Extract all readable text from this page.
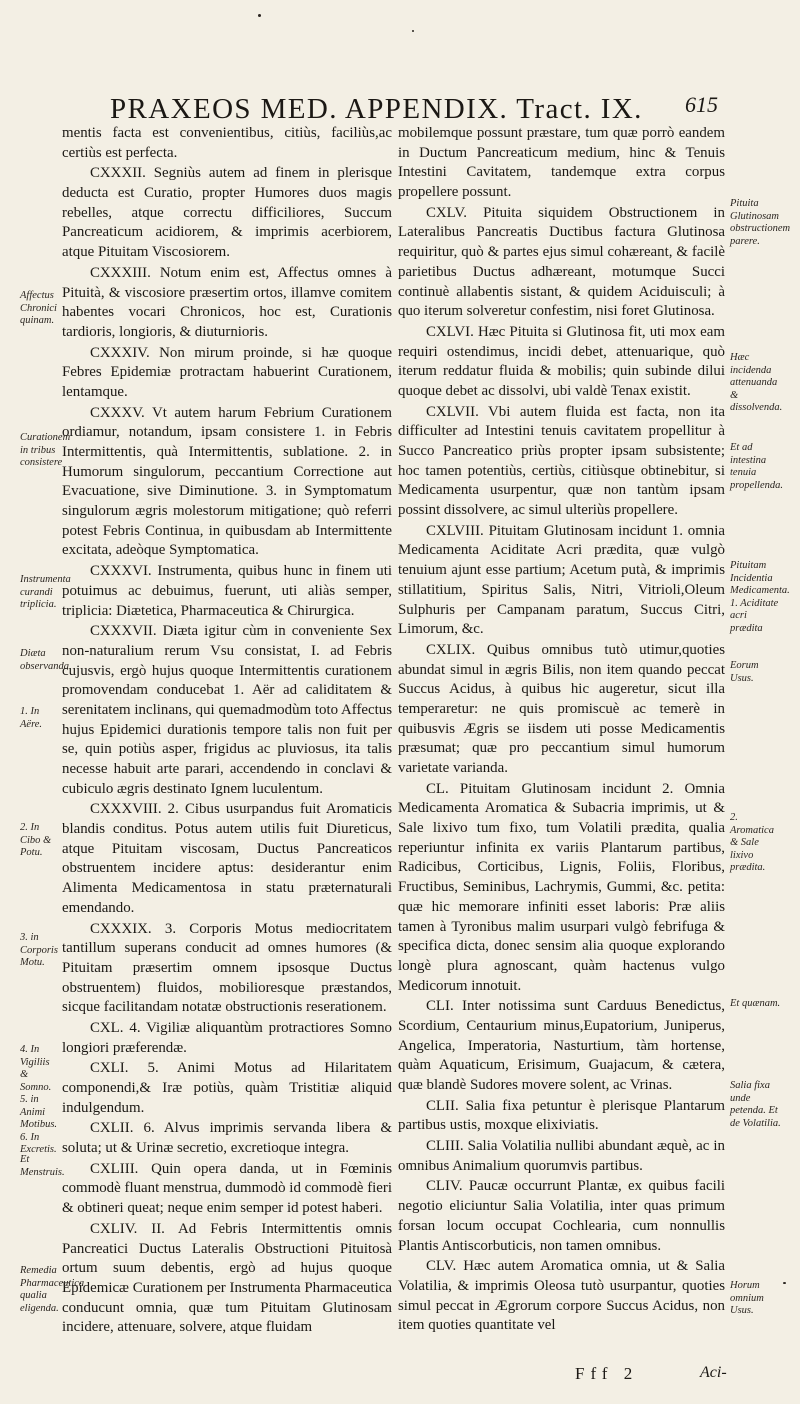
PRAXEOS MED. APPENDIX. Tract. IX. 615

mentis facta est convenientibus, citiùs, faciliùs,ac certiùs est perfecta.

CXXXII. Segniùs autem ad finem in plerisque deducta est Curatio, propter Humores duos magis rebelles, atque correctu difficiliores, Succum Pancreaticum acidiorem, & imprimis acerbiorem, atque Pituitam Viscosiorem.

CXXXIII. Notum enim est, Affectus omnes à Pituità, & viscosiore præsertim ortos, illamve comitem habentes vocari Chronicos, hoc est, Curationis tardioris, longioris, & diuturnioris.

CXXXIV. Non mirum proinde, si hæ quoque Febres Epidemiæ protractam habuerint Curationem, lentamque.

CXXXV. Vt autem harum Febrium Curationem ordiamur, notandum, ipsam consistere 1. in Febris Intermittentis, quà Intermittentis, sublatione. 2. in Humorum singulorum, peccantium Correctione aut Evacuatione, sive Diminutione. 3. in Symptomatum singulorum ægris molestorum mitigatione; quò referri potest Febris Continua, in quibusdam ab Intermittente excitata, adeòque Symptomatica.

CXXXVI. Instrumenta, quibus hunc in finem uti potuimus ac debuimus, fuerunt, uti aliàs semper, triplicia: Diætetica, Pharmaceutica & Chirurgica.

CXXXVII. Diæta igitur cùm in conveniente Sex non-naturalium rerum Vsu consistat, I. ad Febris cujusvis, ergò hujus quoque Intermittentis curationem promovendam conducebat 1. Aër ad caliditatem & serenitatem inclinans, qui quemadmodùm toto Affectus hujus Epidemici durationis tempore talis non fuit per se, quin potiùs asper, frigidus ac pluviosus, ita talis necesse habuit arte parari, accendendo in conclavi & cubiculo ægris destinato Ignem luculentum.

CXXXVIII. 2. Cibus usurpandus fuit Aromaticis blandis conditus. Potus autem utilis fuit Diureticus, atque Pituitam viscosam, Ductus Pancreaticos obstruentem incidere aptus: desiderantur enim Alimenta Medicamentosa in statu præternaturali emendando.

CXXXIX. 3. Corporis Motus mediocritatem tantillum superans conducit ad omnes humores (& Pituitam præsertim omnem ipsosque Ductus obstruentem) fluidos, mobilioresque præstandos, sicque facilitandam notatæ obstructionis reserationem.

CXL. 4. Vigiliæ aliquantùm protractiores Somno longiori præferendæ.

CXLI. 5. Animi Motus ad Hilaritatem componendi,& Iræ potiùs, quàm Tristitiæ aliquid indulgendum.

CXLII. 6. Alvus imprimis servanda libera & soluta; ut & Urinæ secretio, excretioque integra.

CXLIII. Quin opera danda, ut in Fœminis commodè fluant menstrua, dummodò id commodè fieri & obtineri queat; neque enim semper id potest haberi.

CXLIV. II. Ad Febris Intermittentis omnis Pancreatici Ductus Lateralis Obstructioni Pituitosà ortum suum debentis, ergò ad hujus quoque Epidemicæ Curationem per Instrumenta Pharmaceutica conducunt omnia, quæ tum Pituitam Glutinosam incidere, attenuare, solvere, atque fluidam

mobilemque possunt præstare, tum quæ porrò eandem in Ductum Pancreaticum medium, hinc & Tenuis Intestini Cavitatem, tandemque extra corpus propellere possunt.

CXLV. Pituita siquidem Obstructionem in Lateralibus Pancreatis Ductibus factura Glutinosa requiritur, quò & partes ejus simul cohæreant, & facilè parietibus Ductus adhæreant, motumque Succi continuè allabentis sistant, & quidem Aciduisculi; à quo iterum solveretur confestim, nisi foret Glutinosa.

CXLVI. Hæc Pituita si Glutinosa fit, uti mox eam requiri ostendimus, incidi debet, attenuarique, quò iterum reddatur fluida & mobilis; quin subinde dilui quoque debet ac dissolvi, ubi valdè Tenax existit.

CXLVII. Vbi autem fluida est facta, non ita difficulter ad Intestini tenuis cavitatem propellitur à Succo Pancreatico priùs propter ipsam subsistente; hoc tamen potentiùs, certiùs, citiùsque obtinebitur, si Medicamenta usurpentur, quæ non tantùm ipsam possint dissolvere, ac simul ulteriùs propellere.

CXLVIII. Pituitam Glutinosam incidunt 1. omnia Medicamenta Aciditate Acri prædita, quæ vulgò tenuium ajunt esse partium; Acetum putà, & imprimis stillatitium, Spiritus Salis, Nitri, Vitrioli,Oleum Sulphuris per Campanam paratum, Succus Citri, Limorum, &c.

CXLIX. Quibus omnibus tutò utimur,quoties abundat simul in ægris Bilis, non item quando peccat Succus Acidus, à quibus hic augeretur, sicut illa temperaretur: ne quis promiscuè ac temerè in quibusvis Ægris se iisdem uti posse Medicamentis præsumat; quæ pro peccantium simul humorum varietate varianda.

CL. Pituitam Glutinosam incidunt 2. Omnia Medicamenta Aromatica & Subacria imprimis, ut & Sale lixivo tum fixo, tum Volatili prædita, qualia reperiuntur infinita ex variis Plantarum partibus, Radicibus, Corticibus, Lignis, Foliis, Floribus, Fructibus, Seminibus, Lachrymis, Gummi, &c. petita: quæ hic memorare infiniti esset laboris: Præ aliis tamen à Tyronibus malim usurpari vulgò febrifuga & specifica dicta, donec sensim alia quoque explorando longè plura agnoscant, quàm hactenus vulgo Medicorum innotuit.

CLI. Inter notissima sunt Carduus Benedictus, Scordium, Centaurium minus,Eupatorium, Juniperus, Angelica, Imperatoria, Nasturtium, tàm hortense, quàm Aquaticum, Erisimum, Guajacum, & cætera, quæ blandè Sudores movere solent, ac Vrinas.

CLII. Salia fixa petuntur è plerisque Plantarum partibus ustis, moxque elixiviatis.

CLIII. Salia Volatilia nullibi abundant æquè, ac in omnibus Animalium quorumvis partibus.

CLIV. Paucæ occurrunt Plantæ, ex quibus facili negotio eliciuntur Salia Volatilia, inter quas primum forsan locum occupat Cochlearia, cum nonnullis Plantis Antiscorbuticis, non tamen omnibus.

CLV. Hæc autem Aromatica omnia, ut & Salia Volatilia, & imprimis Oleosa tutò usurpantur, quoties simul peccat in Ægrorum corpore Succus Acidus, non item quoties quantitate vel

Affectus Chronici quinam.
Curationem in tribus consistere
Instrumenta curandi triplicia.
Diæta observanda
1. In Aëre.
2. In Cibo & Potu.
3. in Corporis Motu.
4. In Vigiliis & Somno. 5. in Animi Motibus. 6. In Excretis.
Et Menstruis.
Remedia Pharmaceutica qualia eligenda.
Pituita Glutinosam obstructionem parere.
Hæc incidenda attenuanda & dissolvenda.
Et ad intestina tenuia propellenda.
Pituitam Incidentia Medicamenta. 1. Aciditate acri prædita
Eorum Usus.
2. Aromatica & Sale lixivo prædita.
Et quænam.
Salia fixa unde petenda. Et de Volatilia.
Horum omnium Usus.
Fff 2	Aci-
